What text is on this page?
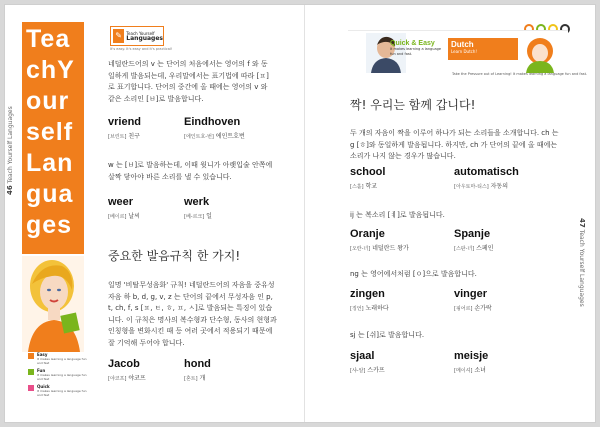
Tea
chY
our
self
Lan
gua
ges
Easy
It makes learning a language fun and fast
Fun
It makes learning a language fun and fast
Quick
It makes learning a language fun and fast
46 Teach Yourself Languages
✎	Teach Yourself
Languages
It's easy. It's easy and it's practical!
네덜란드어의 v 는 단어의 처음에서는 영어의 f 와 동일하게 발음되는데, 우리말에서는 표기법에 따라 [ㅍ]로 표기합니다. 단어의 중간에 올 때에는 영어의 v 와 같은 소리인 [ㅂ]로 발음합니다.
vriend
[브린트] 친구
Eindhoven
[에인트호-번] 에인트호번
w 는 [ㅂ]로 발음하는데, 이때 윗니가 아랫입술 안쪽에 살짝 닿아야 바른 소리를 낼 수 있습니다.
weer
[베이르] 날씨
werk
[베-르크] 일
중요한 발음규칙 한 가지!
일명 '비탈무성음화' 규칙! 네덜란드어의 자음을 중유성자음 하 b, d, g, v, z 는 단어의 끝에서 무성자음 인 p, t, ch, f, s [ㅍ, ㅌ, ㅎ, ㅍ, ㅅ]로 발음되는 특징이 있습니다. 이 규칙은 명사의 복수형과 단수형, 동사의 현형과 인칭형을 변화시킨 때 등 여러 곳에서 적용되기 때문에 잘 기억해 두어야 합니다.
Jacob
[야코프] 야코프
hond
[혼트] 개
Quick & Easy
It makes learning a language fun and fast.
Dutch
Learn Dutch!
Take the Pressure out of Learning! It makes learning a language fun and fast.
47 Teach Yourself Languages
짝! 우리는 함께 갑니다!
두 개의 자음이 짝을 이루어 하나가 되는 소리들을 소개합니다. ch 는 g [ㅎ]와 동일하게 발음됩니다. 하지만, ch 가 단어의 끝에 올 때에는 소리가 나지 않는 경우가 많습니다.
school
[스홀] 학교
automatisch
[아우토마-티스] 자동의
ij 는 복소리 [ㅖ]로 발음됩니다.
Oranje
[오란-녀] 네덜란드 왕가
Spanje
[스판-녀] 스페인
ng 는 영어에서처럼 [ㅇ]으로 발음합니다.
zingen
[징언] 노래하다
vinger
[핑어르] 손가락
sj 는 [쉬]로 발음합니다.
sjaal
[샤-알] 스카프
meisje
[메이셔] 소녀
